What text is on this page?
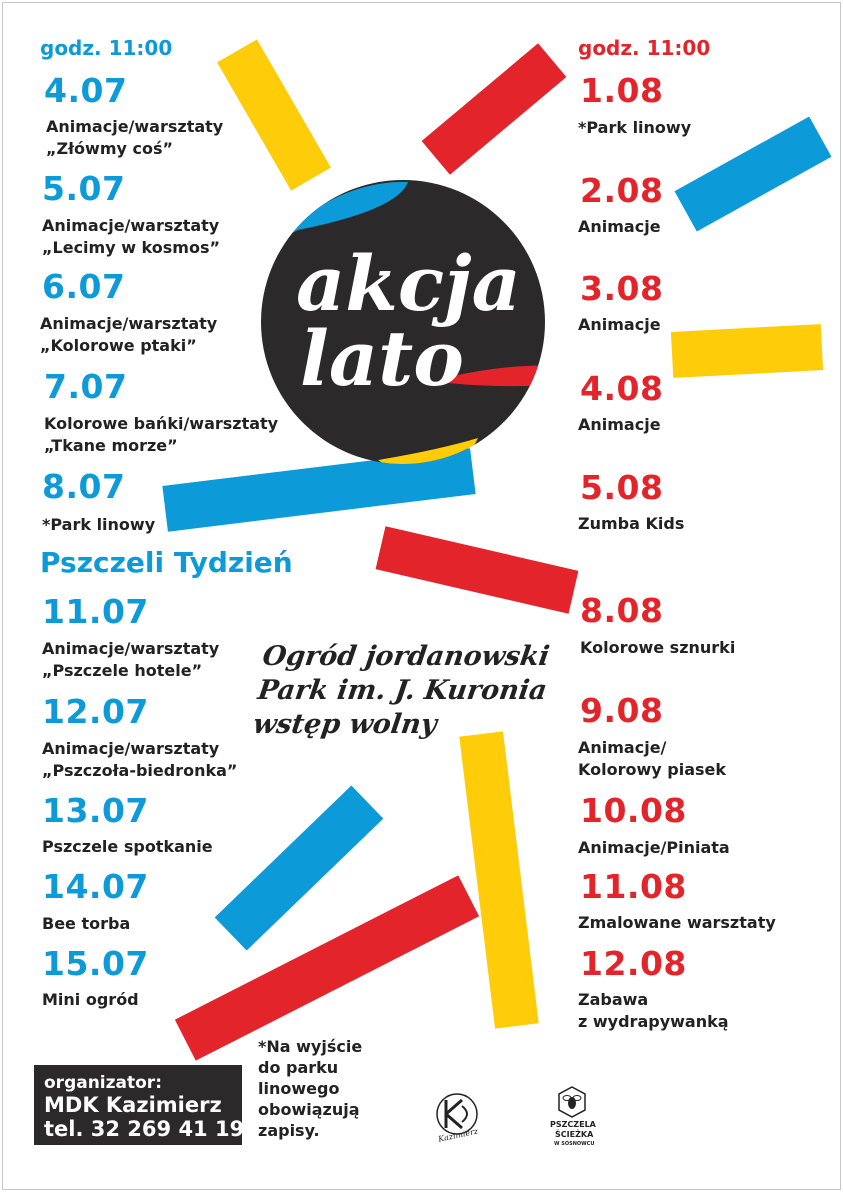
akcja
lato
godz. 11:00
4.07
Animacje/warsztaty
„Złówmy coś”
5.07
Animacje/warsztaty
„Lecimy w kosmos”
6.07
Animacje/warsztaty
„Kolorowe ptaki”
7.07
Kolorowe bańki/warsztaty
„Tkane morze”
8.07
*Park linowy
Pszczeli Tydzień
11.07
Animacje/warsztaty
„Pszczele hotele”
12.07
Animacje/warsztaty
„Pszczoła-biedronka”
13.07
Pszczele spotkanie
14.07
Bee torba
15.07
Mini ogród
godz. 11:00
1.08
*Park linowy
2.08
Animacje
3.08
Animacje
4.08
Animacje
5.08
Zumba Kids
8.08
Kolorowe sznurki
9.08
Animacje/
Kolorowy piasek
10.08
Animacje/Piniata
11.08
Zmalowane warsztaty
12.08
Zabawa
z wydrapywanką
Ogród jordanowski
Park im. J. Kuronia
wstęp wolny
*Na wyjście
do parku
linowego
obowiązują
zapisy.
organizator:
MDK Kazimierz
tel. 32 269 41 19	Kazimierz
PSZCZELA
ŚCIEŻKA
W SOSNOWCU
